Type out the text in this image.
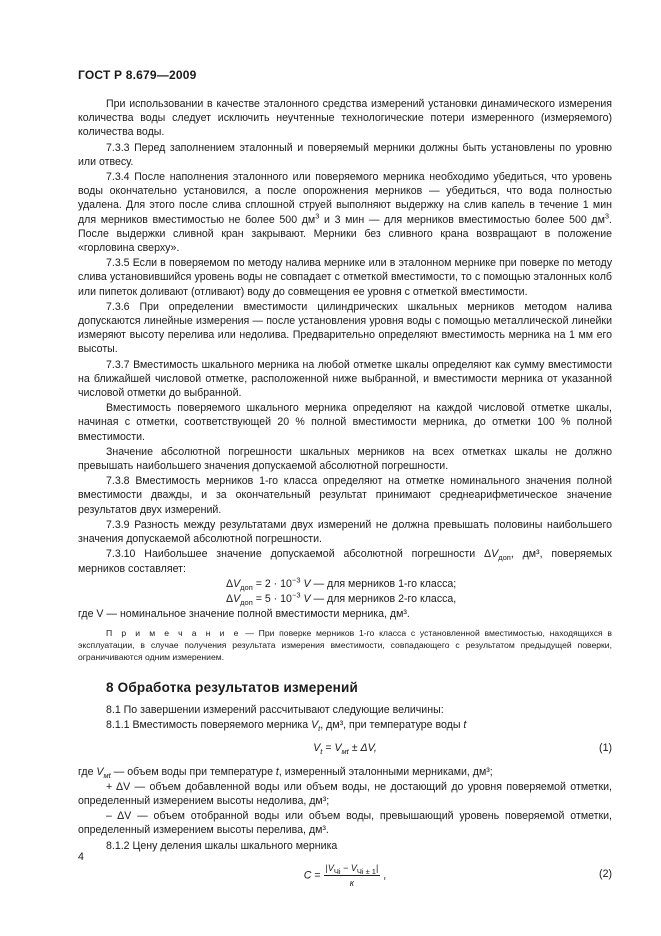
ГОСТ Р 8.679—2009

При использовании в качестве эталонного средства измерений установки динамического измерения количества воды следует исключить неучтенные технологические потери измеренного (измеряемого) количества воды.

7.3.3 Перед заполнением эталонный и поверяемый мерники должны быть установлены по уровню или отвесу.

7.3.4 После наполнения эталонного или поверяемого мерника необходимо убедиться, что уровень воды окончательно установился, а после опорожнения мерников — убедиться, что вода полностью удалена. Для этого после слива сплошной струей выполняют выдержку на слив капель в течение 1 мин для мерников вместимостью не более 500 $дм^3$ и 3 мин — для мерников вместимостью более 500 $дм^3$. После выдержки сливной кран закрывают. Мерники без сливного крана возвращают в положение «горловина сверху».

7.3.5 Если в поверяемом по методу налива мернике или в эталонном мернике при поверке по методу слива установившийся уровень воды не совпадает с отметкой вместимости, то с помощью эталонных колб или пипеток доливают (отливают) воду до совмещения ее уровня с отметкой вместимости.

7.3.6 При определении вместимости цилиндрических шкальных мерников методом налива допускаются линейные измерения — после установления уровня воды с помощью металлической линейки измеряют высоту перелива или недолива. Предварительно определяют вместимость мерника на 1 мм его высоты.

7.3.7 Вместимость шкального мерника на любой отметке шкалы определяют как сумму вместимости на ближайшей числовой отметке, расположенной ниже выбранной, и вместимости мерника от указанной числовой отметки до выбранной.

Вместимость поверяемого шкального мерника определяют на каждой числовой отметке шкалы, начиная с отметки, соответствующей 20 % полной вместимости мерника, до отметки 100 % полной вместимости.

Значение абсолютной погрешности шкальных мерников на всех отметках шкалы не должно превышать наибольшего значения допускаемой абсолютной погрешности.

7.3.8 Вместимость мерников 1-го класса определяют на отметке номинального значения полной вместимости дважды, и за окончательный результат принимают среднеарифметическое значение результатов двух измерений.

7.3.9 Разность между результатами двух измерений не должна превышать половины наибольшего значения допускаемой абсолютной погрешности.

7.3.10 Наибольшее значение допускаемой абсолютной погрешности $\Delta V_{доп}$, дм³, поверяемых мерников составляет:

$\Delta V_{доп} = 2 \cdot 10^{-3}$ V — для мерников 1-го класса;
$\Delta V_{доп} = 5 \cdot 10^{-3}$ V — для мерников 2-го класса,

где V — номинальное значение полной вместимости мерника, дм³.

П р и м е ч а н и е — При поверке мерников 1-го класса с установленной вместимостью, находящихся в эксплуатации, в случае получения результата измерения вместимости, совпадающего с результатом предыдущей поверки, ограничиваются одним измерением.
8 Обработка результатов измерений

8.1 По завершении измерений рассчитывают следующие величины:

8.1.1 Вместимость поверяемого мерника $V_t$, дм³, при температуре воды t

$V_t = V_{мt} \pm \Delta V$,	(1)

где $V_{мt}$ — объем воды при температуре t, измеренный эталонными мерниками, дм³;

+ ΔV — объем добавленной воды или объем воды, не достающий до уровня поверяемой отметки, определенный измерением высоты недолива, дм³;

– ΔV — объем отобранной воды или объем воды, превышающий уровень поверяемой отметки, определенный измерением высоты перелива, дм³.

8.1.2 Цену деления шкалы шкального мерника

$C = \frac{|V_{Чi} - V_{Чi \pm 1}|}{к}$ ,	(2)
4
